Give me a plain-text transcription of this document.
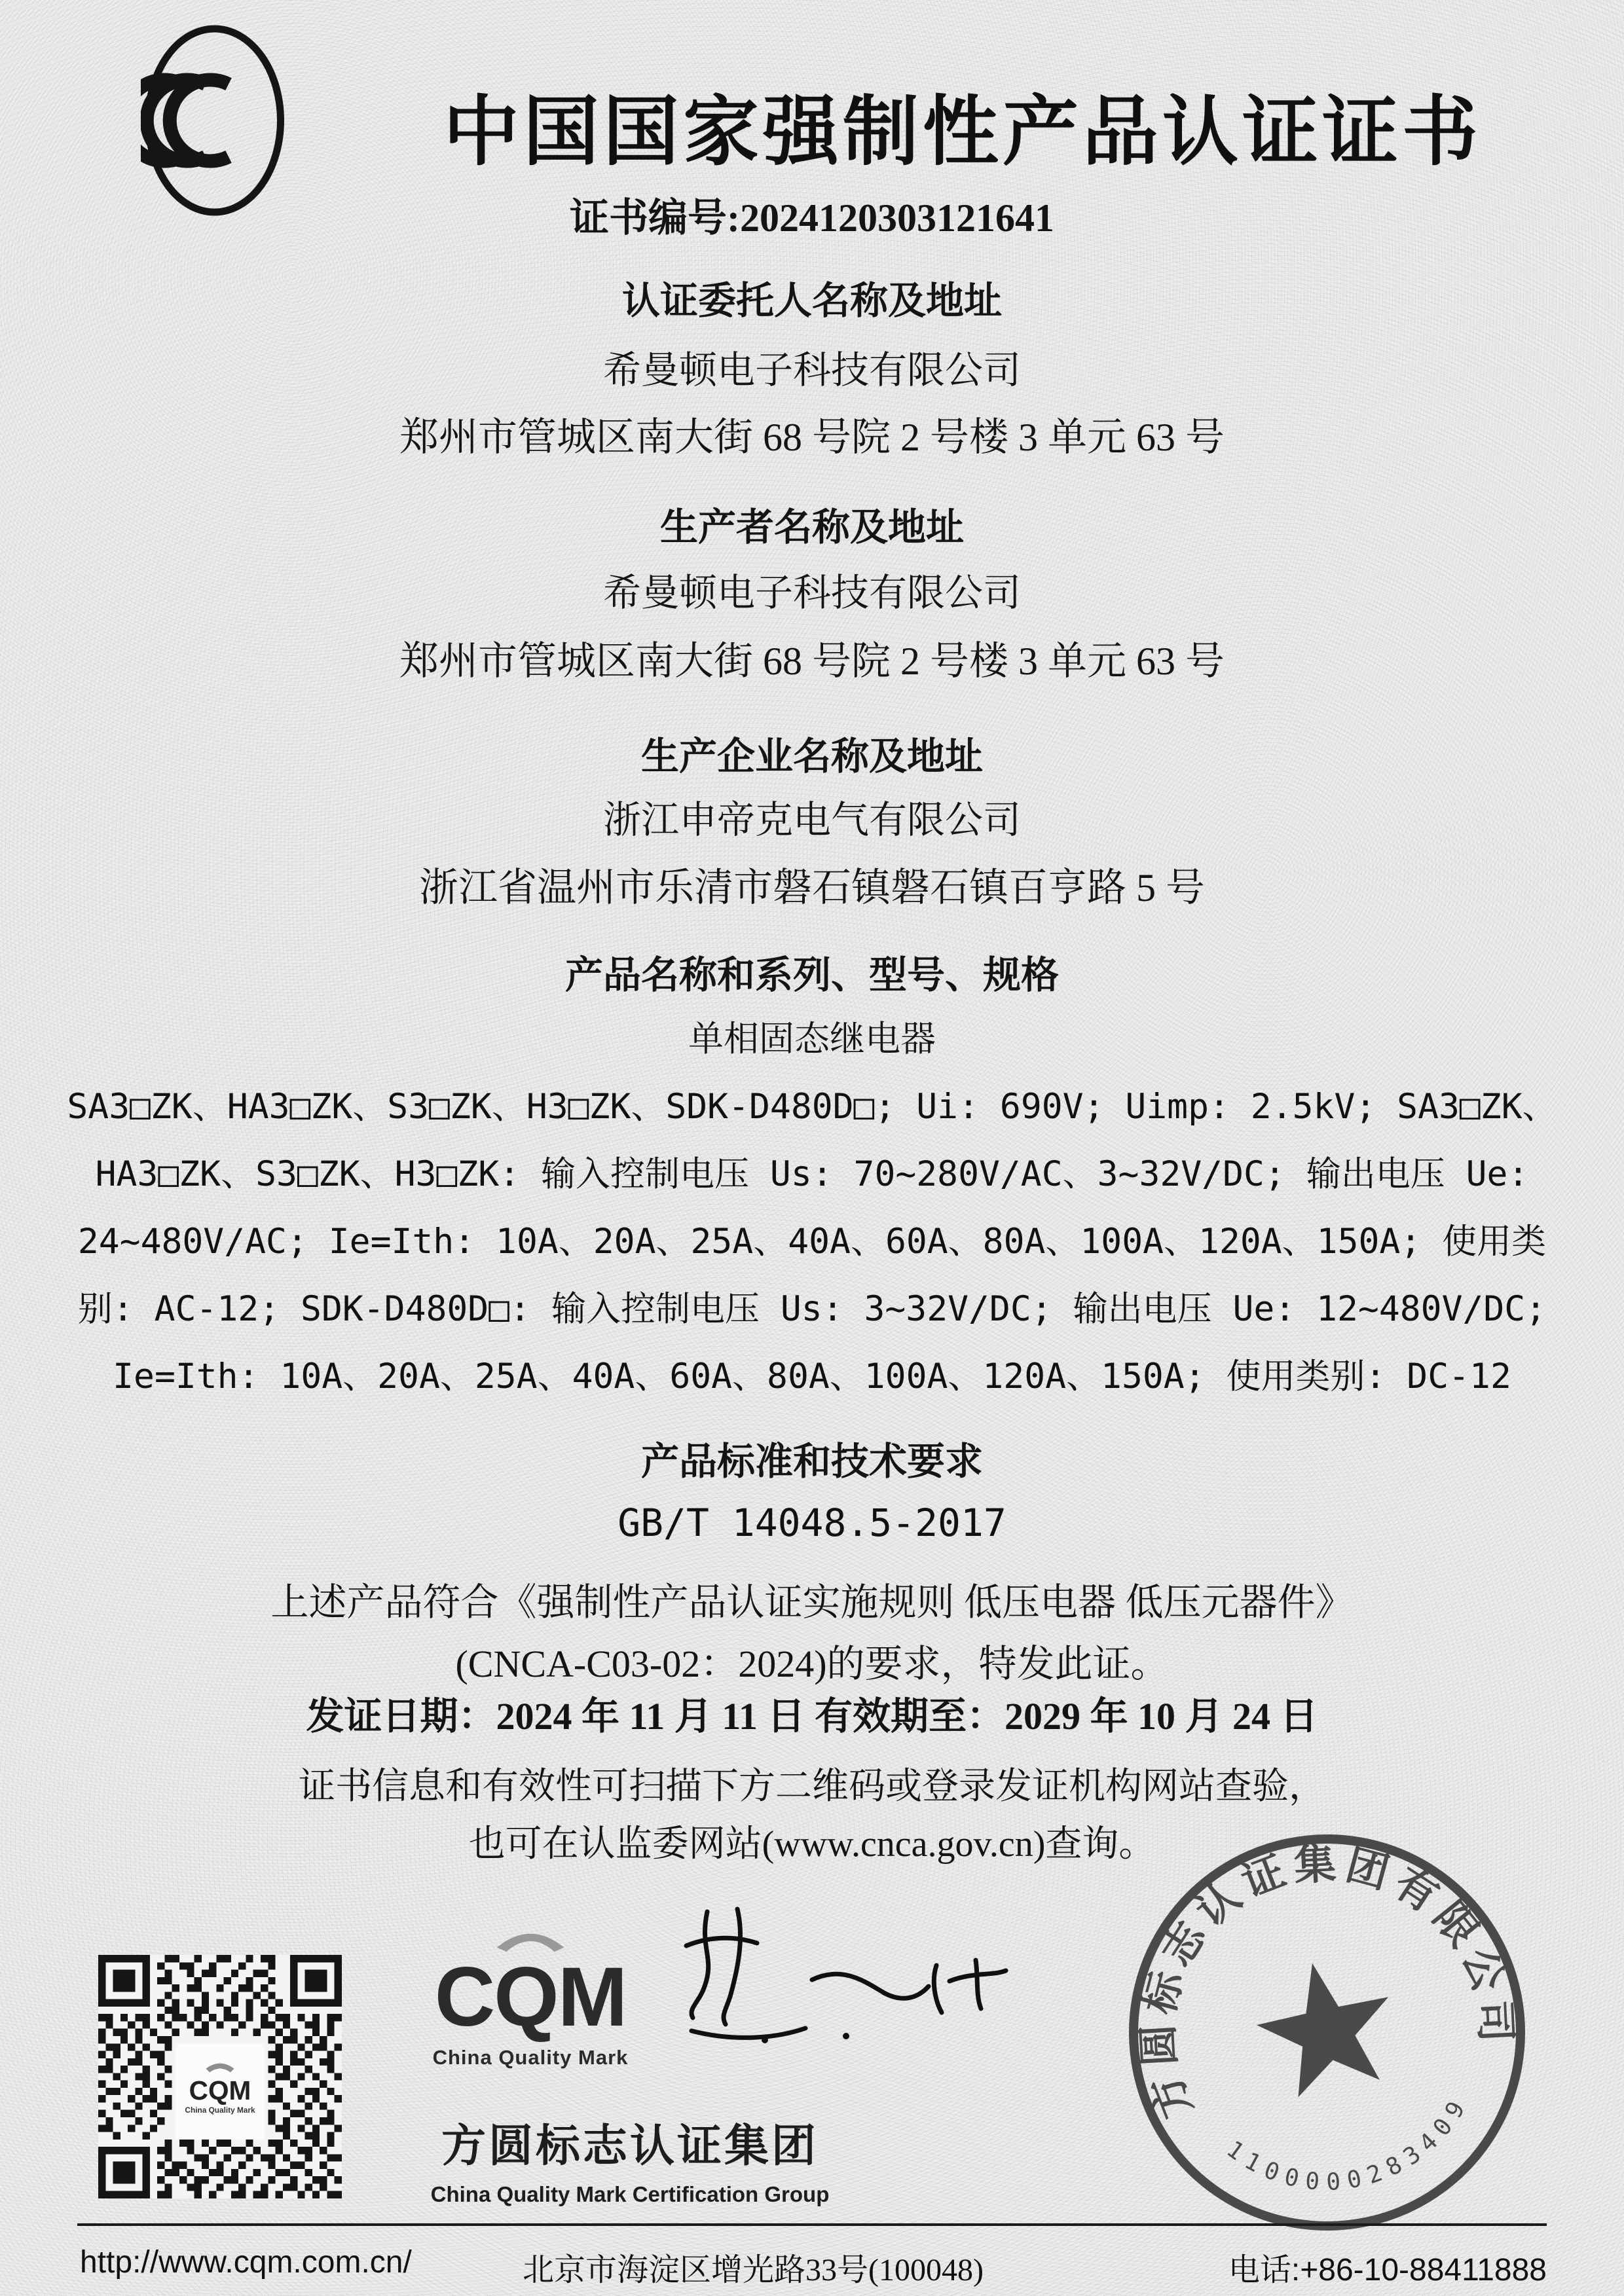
中国国家强制性产品认证证书
证书编号:2024120303121641
认证委托人名称及地址
希曼顿电子科技有限公司
郑州市管城区南大街 68 号院 2 号楼 3 单元 63 号
生产者名称及地址
希曼顿电子科技有限公司
郑州市管城区南大街 68 号院 2 号楼 3 单元 63 号
生产企业名称及地址
浙江申帝克电气有限公司
浙江省温州市乐清市磐石镇磐石镇百亨路 5 号
产品名称和系列、型号、规格
单相固态继电器
SA3□ZK、HA3□ZK、S3□ZK、H3□ZK、SDK-D480D□; Ui: 690V; Uimp: 2.5kV; SA3□ZK、
HA3□ZK、S3□ZK、H3□ZK: 输入控制电压 Us: 70~280V/AC、3~32V/DC; 输出电压 Ue:
24~480V/AC; Ie=Ith: 10A、20A、25A、40A、60A、80A、100A、120A、150A; 使用类
别: AC-12; SDK-D480D□: 输入控制电压 Us: 3~32V/DC; 输出电压 Ue: 12~480V/DC;
Ie=Ith: 10A、20A、25A、40A、60A、80A、100A、120A、150A; 使用类别: DC-12
产品标准和技术要求
GB/T 14048.5-2017
上述产品符合《强制性产品认证实施规则 低压电器 低压元器件》
(CNCA-C03-02：2024)的要求，特发此证。
发证日期：2024 年 11 月 11 日 有效期至：2029 年 10 月 24 日
证书信息和有效性可扫描下方二维码或登录发证机构网站查验，
也可在认监委网站(www.cnca.gov.cn)查询。
CQM
China Quality Mark
CQM
China Quality Mark
方圆标志认证集团
China Quality Mark Certification Group
方圆标志认证集团有限公司
1100000283409
http://www.cqm.com.cn/	北京市海淀区增光路33号(100048)	电话:+86-10-88411888
